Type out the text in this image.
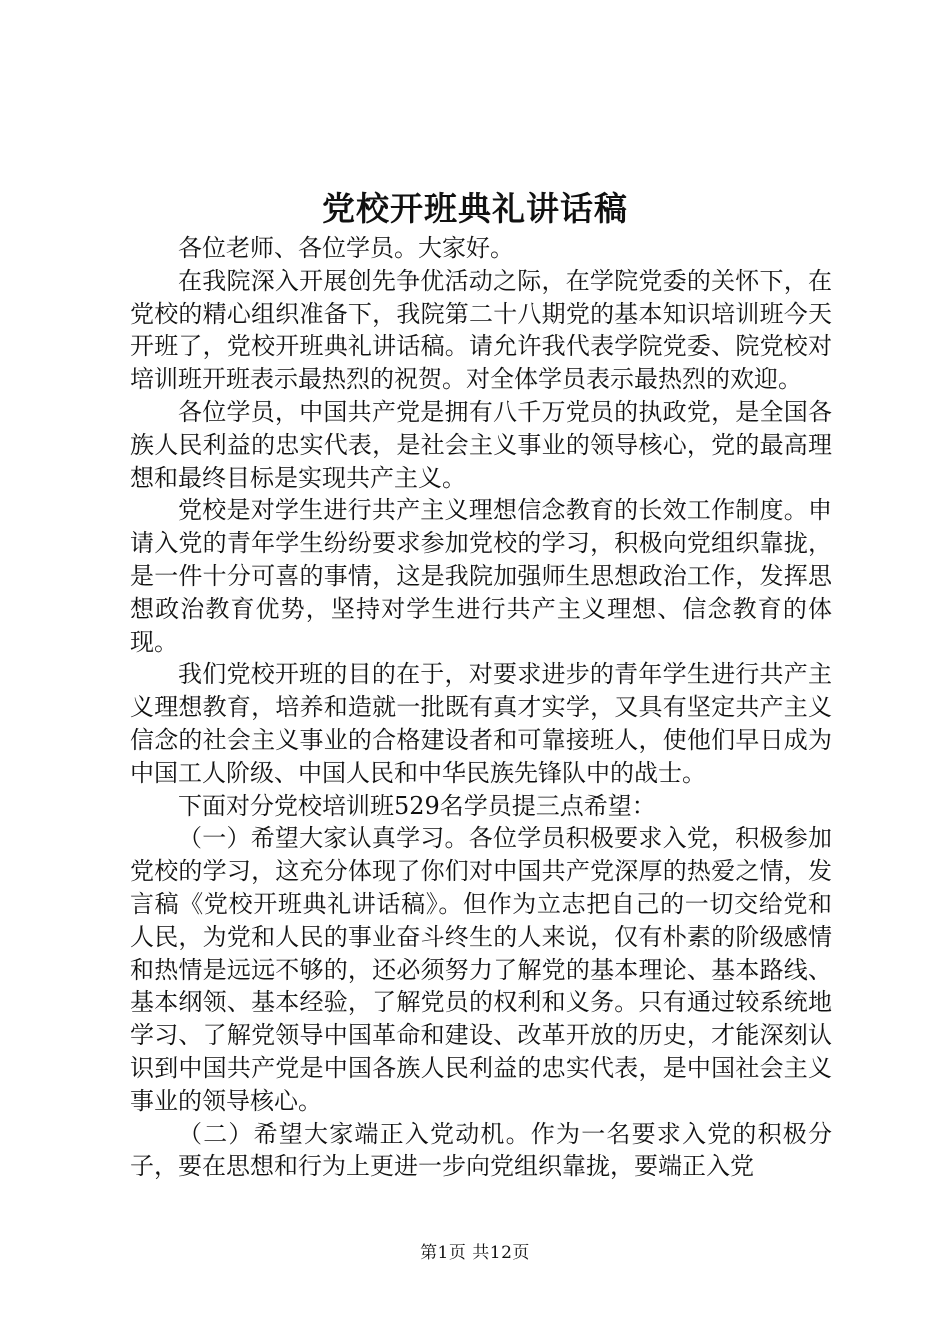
党校开班典礼讲话稿

各位老师、各位学员。大家好。

在我院深入开展创先争优活动之际，在学院党委的关怀下，在党校的精心组织准备下，我院第二十八期党的基本知识培训班今天开班了，党校开班典礼讲话稿。请允许我代表学院党委、院党校对培训班开班表示最热烈的祝贺。对全体学员表示最热烈的欢迎。

各位学员，中国共产党是拥有八千万党员的执政党，是全国各族人民利益的忠实代表，是社会主义事业的领导核心，党的最高理想和最终目标是实现共产主义。

党校是对学生进行共产主义理想信念教育的长效工作制度。申请入党的青年学生纷纷要求参加党校的学习，积极向党组织靠拢，是一件十分可喜的事情，这是我院加强师生思想政治工作，发挥思想政治教育优势，坚持对学生进行共产主义理想、信念教育的体现。

我们党校开班的目的在于，对要求进步的青年学生进行共产主义理想教育，培养和造就一批既有真才实学，又具有坚定共产主义信念的社会主义事业的合格建设者和可靠接班人，使他们早日成为中国工人阶级、中国人民和中华民族先锋队中的战士。

下面对分党校培训班529名学员提三点希望：

（一）希望大家认真学习。各位学员积极要求入党，积极参加党校的学习，这充分体现了你们对中国共产党深厚的热爱之情，发言稿《党校开班典礼讲话稿》。但作为立志把自己的一切交给党和人民，为党和人民的事业奋斗终生的人来说，仅有朴素的阶级感情和热情是远远不够的，还必须努力了解党的基本理论、基本路线、基本纲领、基本经验，了解党员的权利和义务。只有通过较系统地学习、了解党领导中国革命和建设、改革开放的历史，才能深刻认识到中国共产党是中国各族人民利益的忠实代表，是中国社会主义事业的领导核心。

（二）希望大家端正入党动机。作为一名要求入党的积极分子，要在思想和行为上更进一步向党组织靠拢，要端正入党

第1页 共12页
